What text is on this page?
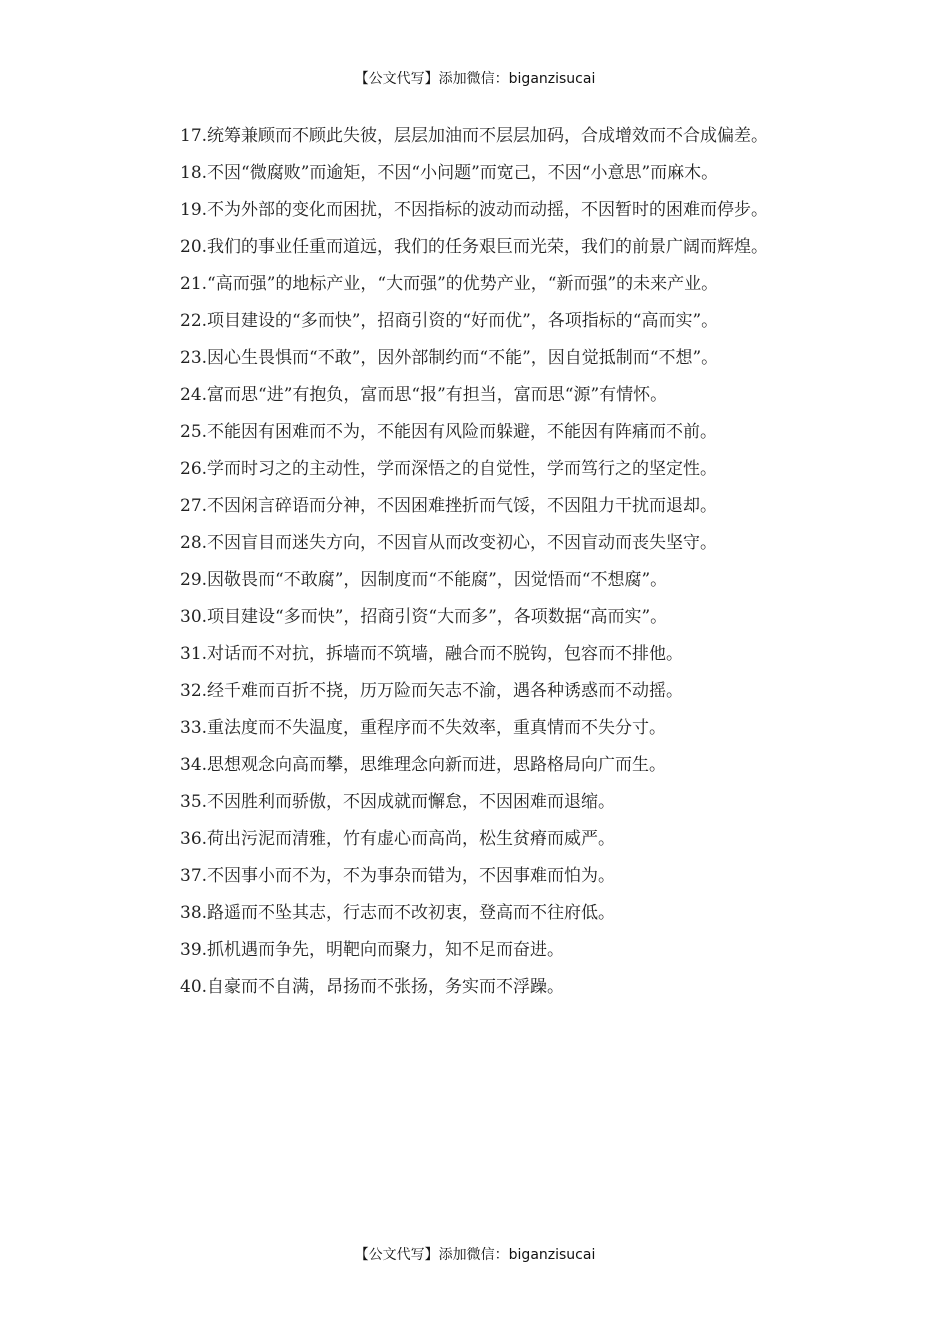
【公文代写】添加微信：biganzisucai

17.统筹兼顾而不顾此失彼，层层加油而不层层加码，合成增效而不合成偏差。

18.不因“微腐败”而逾矩，不因“小问题”而宽己，不因“小意思”而麻木。

19.不为外部的变化而困扰，不因指标的波动而动摇，不因暂时的困难而停步。

20.我们的事业任重而道远，我们的任务艰巨而光荣，我们的前景广阔而辉煌。

21.“高而强”的地标产业，“大而强”的优势产业，“新而强”的未来产业。

22.项目建设的“多而快”，招商引资的“好而优”，各项指标的“高而实”。

23.因心生畏惧而“不敢”，因外部制约而“不能”，因自觉抵制而“不想”。

24.富而思“进”有抱负，富而思“报”有担当，富而思“源”有情怀。

25.不能因有困难而不为，不能因有风险而躲避，不能因有阵痛而不前。

26.学而时习之的主动性，学而深悟之的自觉性，学而笃行之的坚定性。

27.不因闲言碎语而分神，不因困难挫折而气馁，不因阻力干扰而退却。

28.不因盲目而迷失方向，不因盲从而改变初心，不因盲动而丧失坚守。

29.因敬畏而“不敢腐”，因制度而“不能腐”，因觉悟而“不想腐”。

30.项目建设“多而快”，招商引资“大而多”，各项数据“高而实”。

31.对话而不对抗，拆墙而不筑墙，融合而不脱钩，包容而不排他。

32.经千难而百折不挠，历万险而矢志不渝，遇各种诱惑而不动摇。

33.重法度而不失温度，重程序而不失效率，重真情而不失分寸。

34.思想观念向高而攀，思维理念向新而进，思路格局向广而生。

35.不因胜利而骄傲，不因成就而懈怠，不因困难而退缩。

36.荷出污泥而清雅，竹有虚心而高尚，松生贫瘠而威严。

37.不因事小而不为，不为事杂而错为，不因事难而怕为。

38.路遥而不坠其志，行志而不改初衷，登高而不往府低。

39.抓机遇而争先，明靶向而聚力，知不足而奋进。

40.自豪而不自满，昂扬而不张扬，务实而不浮躁。

【公文代写】添加微信：biganzisucai
